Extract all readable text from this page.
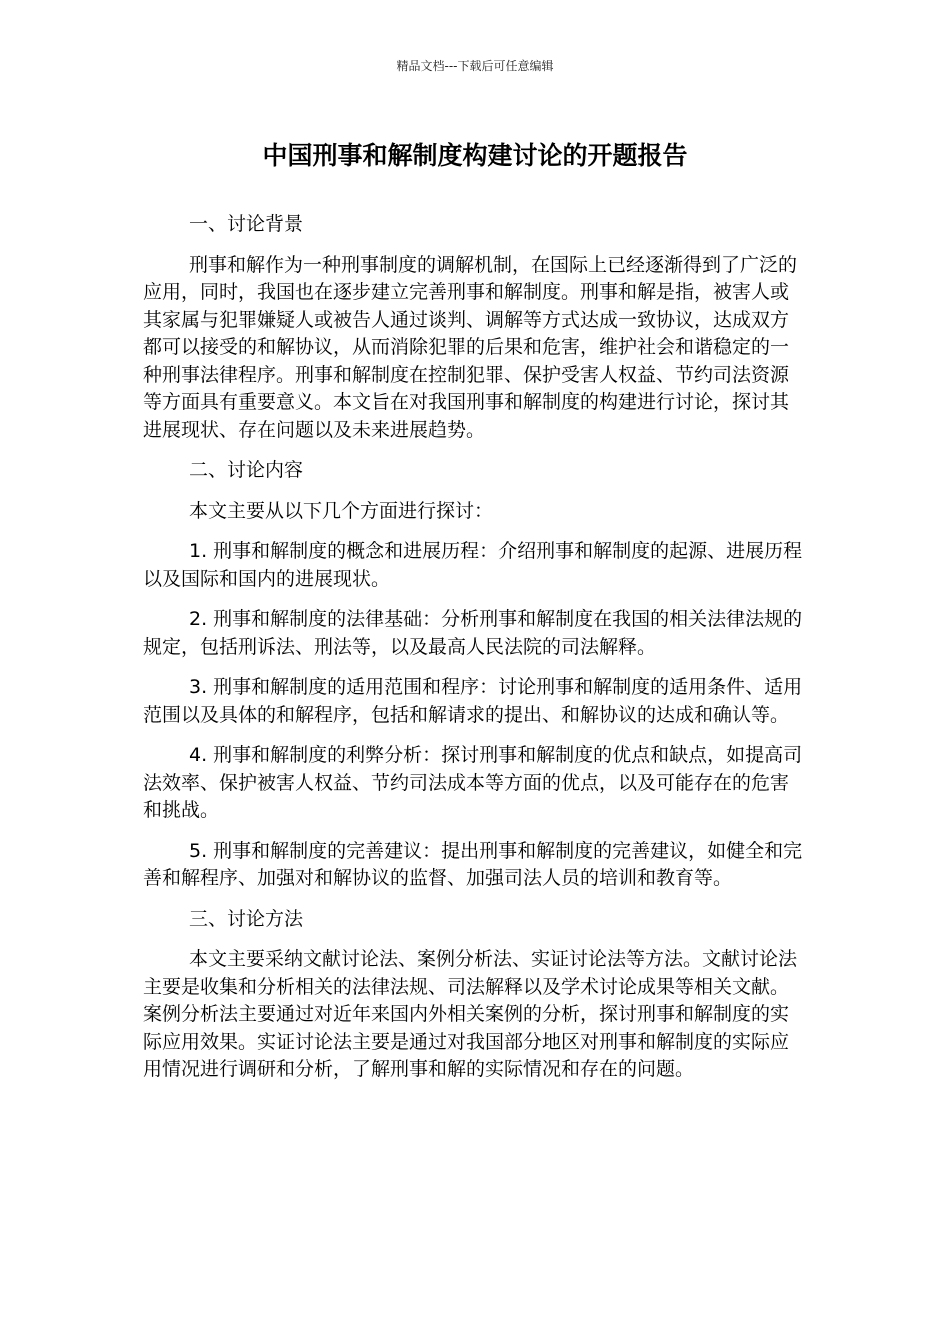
精品文档---下载后可任意编辑
中国刑事和解制度构建讨论的开题报告
一、讨论背景

刑事和解作为一种刑事制度的调解机制，在国际上已经逐渐得到了广泛的应用，同时，我国也在逐步建立完善刑事和解制度。刑事和解是指，被害人或其家属与犯罪嫌疑人或被告人通过谈判、调解等方式达成一致协议，达成双方都可以接受的和解协议，从而消除犯罪的后果和危害，维护社会和谐稳定的一种刑事法律程序。刑事和解制度在控制犯罪、保护受害人权益、节约司法资源等方面具有重要意义。本文旨在对我国刑事和解制度的构建进行讨论，探讨其进展现状、存在问题以及未来进展趋势。

二、讨论内容

本文主要从以下几个方面进行探讨：

1. 刑事和解制度的概念和进展历程：介绍刑事和解制度的起源、进展历程以及国际和国内的进展现状。

2. 刑事和解制度的法律基础：分析刑事和解制度在我国的相关法律法规的规定，包括刑诉法、刑法等，以及最高人民法院的司法解释。

3. 刑事和解制度的适用范围和程序：讨论刑事和解制度的适用条件、适用范围以及具体的和解程序，包括和解请求的提出、和解协议的达成和确认等。

4. 刑事和解制度的利弊分析：探讨刑事和解制度的优点和缺点，如提高司法效率、保护被害人权益、节约司法成本等方面的优点，以及可能存在的危害和挑战。

5. 刑事和解制度的完善建议：提出刑事和解制度的完善建议，如健全和完善和解程序、加强对和解协议的监督、加强司法人员的培训和教育等。

三、讨论方法

本文主要采纳文献讨论法、案例分析法、实证讨论法等方法。文献讨论法主要是收集和分析相关的法律法规、司法解释以及学术讨论成果等相关文献。案例分析法主要通过对近年来国内外相关案例的分析，探讨刑事和解制度的实际应用效果。实证讨论法主要是通过对我国部分地区对刑事和解制度的实际应用情况进行调研和分析，了解刑事和解的实际情况和存在的问题。
